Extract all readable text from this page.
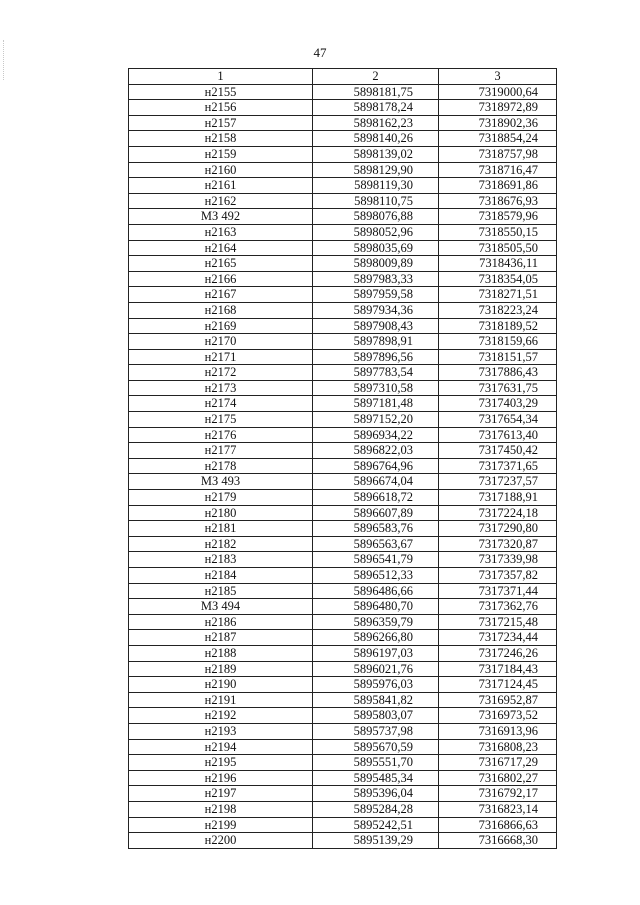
47
1	2	3
н2155	5898181,75	7319000,64
н2156	5898178,24	7318972,89
н2157	5898162,23	7318902,36
н2158	5898140,26	7318854,24
н2159	5898139,02	7318757,98
н2160	5898129,90	7318716,47
н2161	5898119,30	7318691,86
н2162	5898110,75	7318676,93
МЗ 492	5898076,88	7318579,96
н2163	5898052,96	7318550,15
н2164	5898035,69	7318505,50
н2165	5898009,89	7318436,11
н2166	5897983,33	7318354,05
н2167	5897959,58	7318271,51
н2168	5897934,36	7318223,24
н2169	5897908,43	7318189,52
н2170	5897898,91	7318159,66
н2171	5897896,56	7318151,57
н2172	5897783,54	7317886,43
н2173	5897310,58	7317631,75
н2174	5897181,48	7317403,29
н2175	5897152,20	7317654,34
н2176	5896934,22	7317613,40
н2177	5896822,03	7317450,42
н2178	5896764,96	7317371,65
МЗ 493	5896674,04	7317237,57
н2179	5896618,72	7317188,91
н2180	5896607,89	7317224,18
н2181	5896583,76	7317290,80
н2182	5896563,67	7317320,87
н2183	5896541,79	7317339,98
н2184	5896512,33	7317357,82
н2185	5896486,66	7317371,44
МЗ 494	5896480,70	7317362,76
н2186	5896359,79	7317215,48
н2187	5896266,80	7317234,44
н2188	5896197,03	7317246,26
н2189	5896021,76	7317184,43
н2190	5895976,03	7317124,45
н2191	5895841,82	7316952,87
н2192	5895803,07	7316973,52
н2193	5895737,98	7316913,96
н2194	5895670,59	7316808,23
н2195	5895551,70	7316717,29
н2196	5895485,34	7316802,27
н2197	5895396,04	7316792,17
н2198	5895284,28	7316823,14
н2199	5895242,51	7316866,63
н2200	5895139,29	7316668,30
